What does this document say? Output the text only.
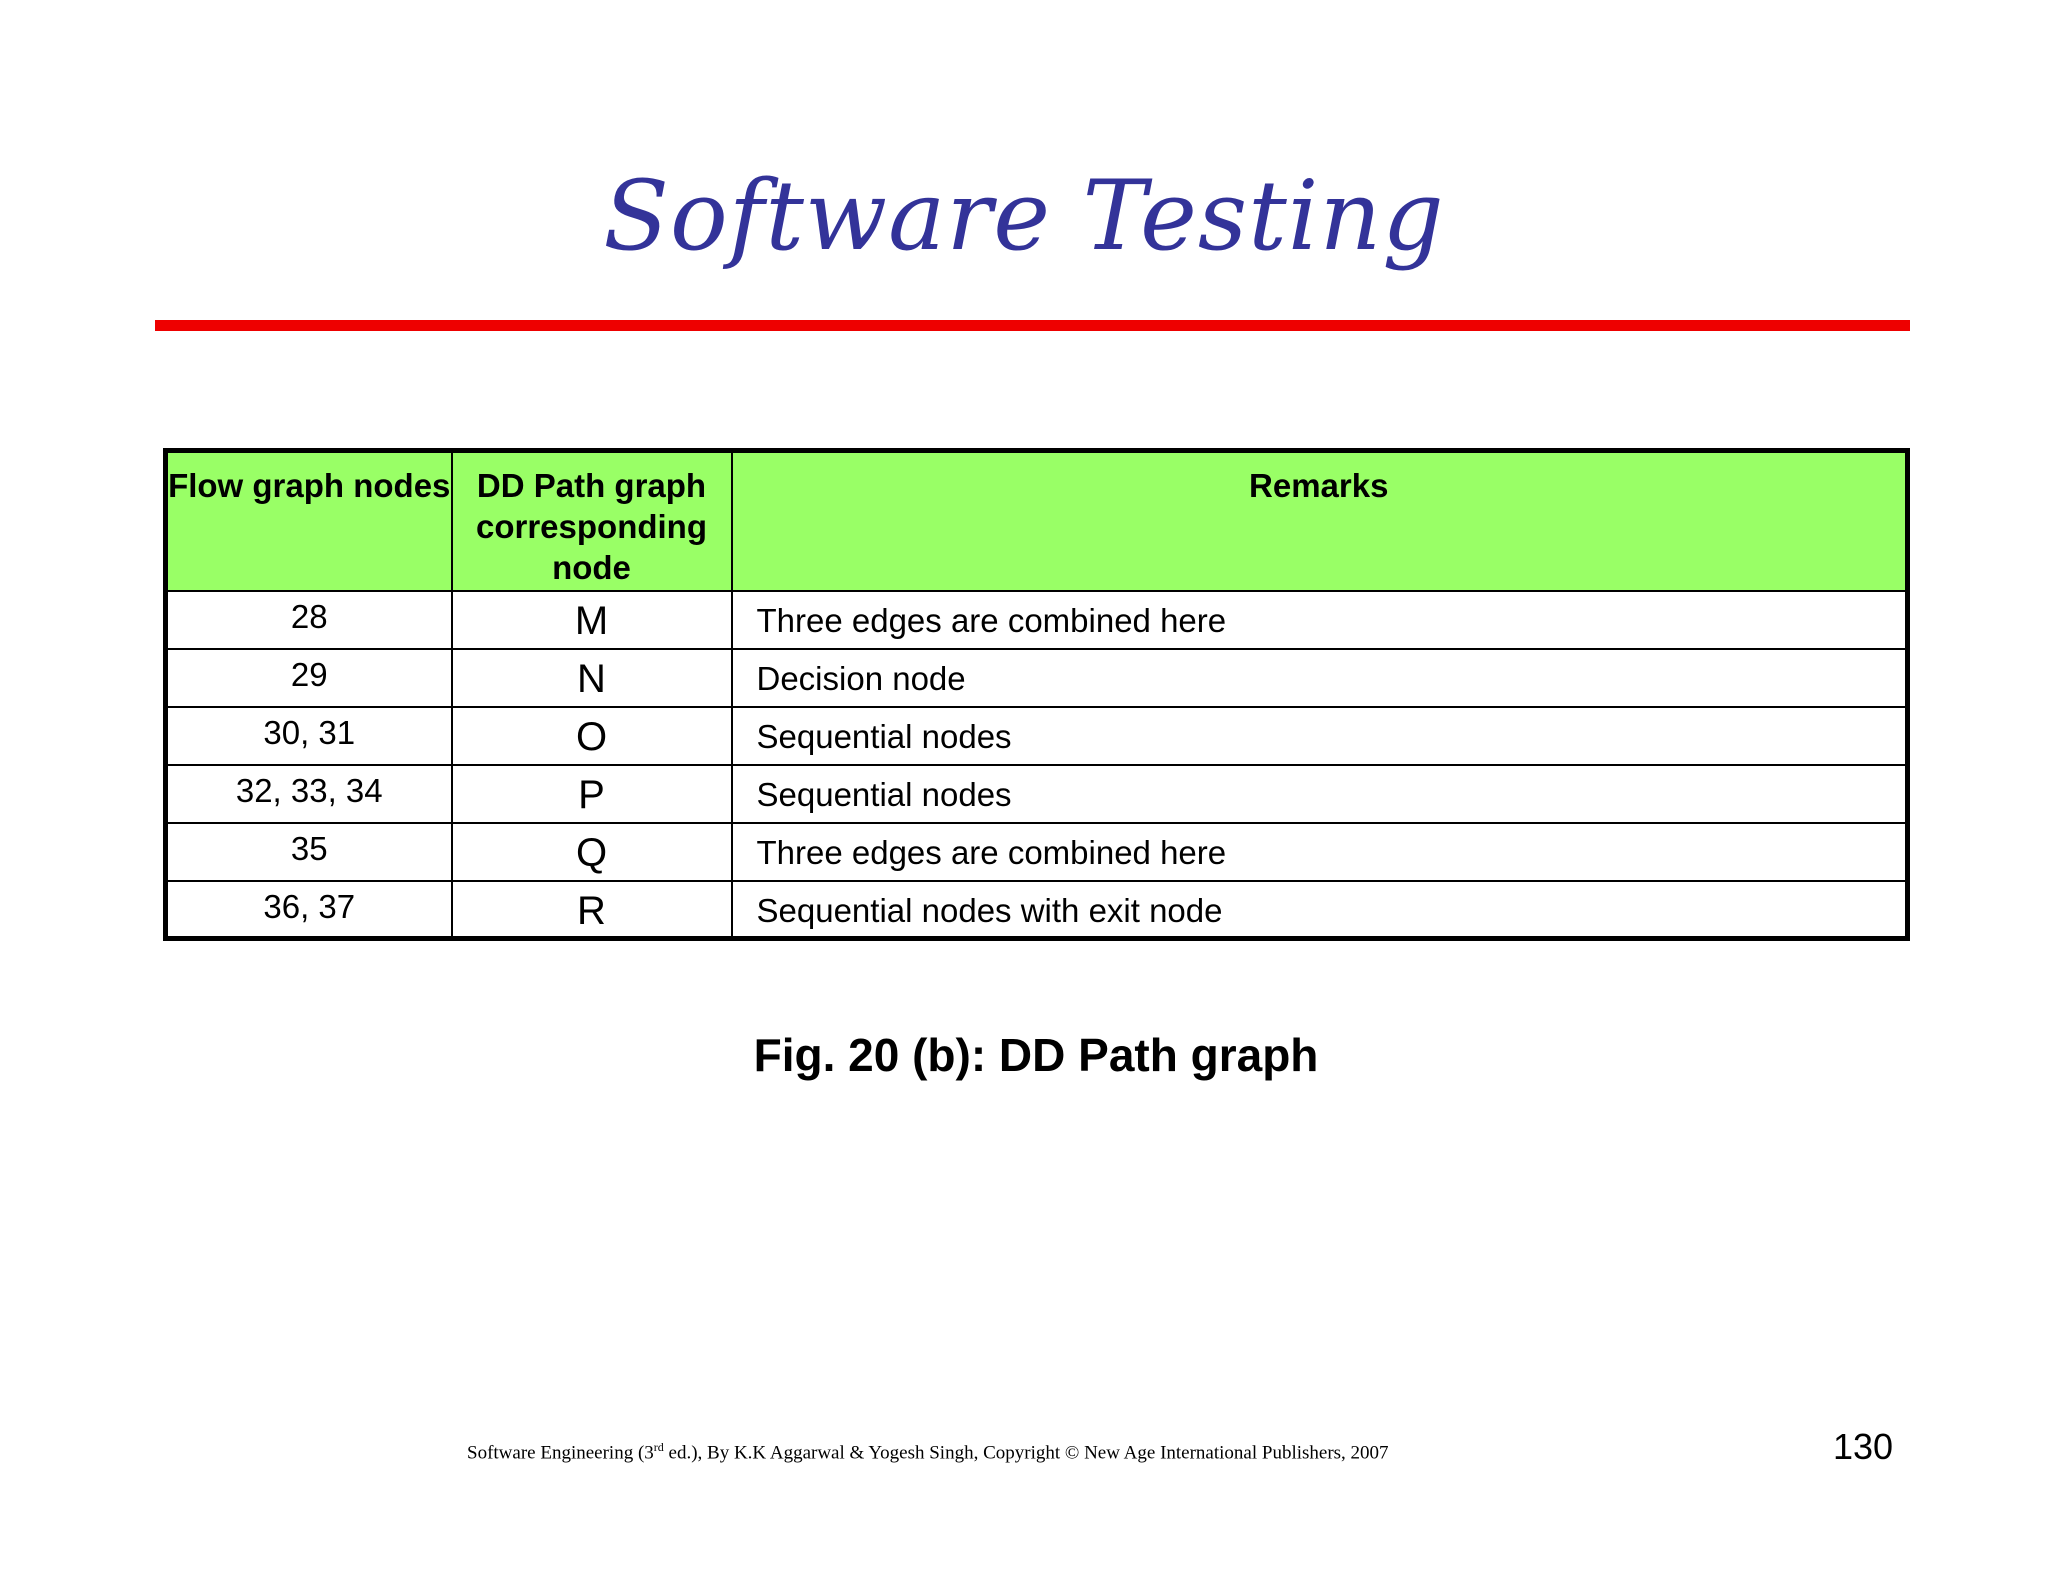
Software Testing
Flow graph nodes	DD Path graph corresponding node	Remarks
28	M	Three edges are combined here
29	N	Decision node
30, 31	O	Sequential nodes
32, 33, 34	P	Sequential nodes
35	Q	Three edges are combined here
36, 37	R	Sequential nodes with exit node
Fig. 20 (b): DD Path graph
Software Engineering (3rd ed.), By K.K Aggarwal & Yogesh Singh, Copyright © New Age International Publishers, 2007	130
